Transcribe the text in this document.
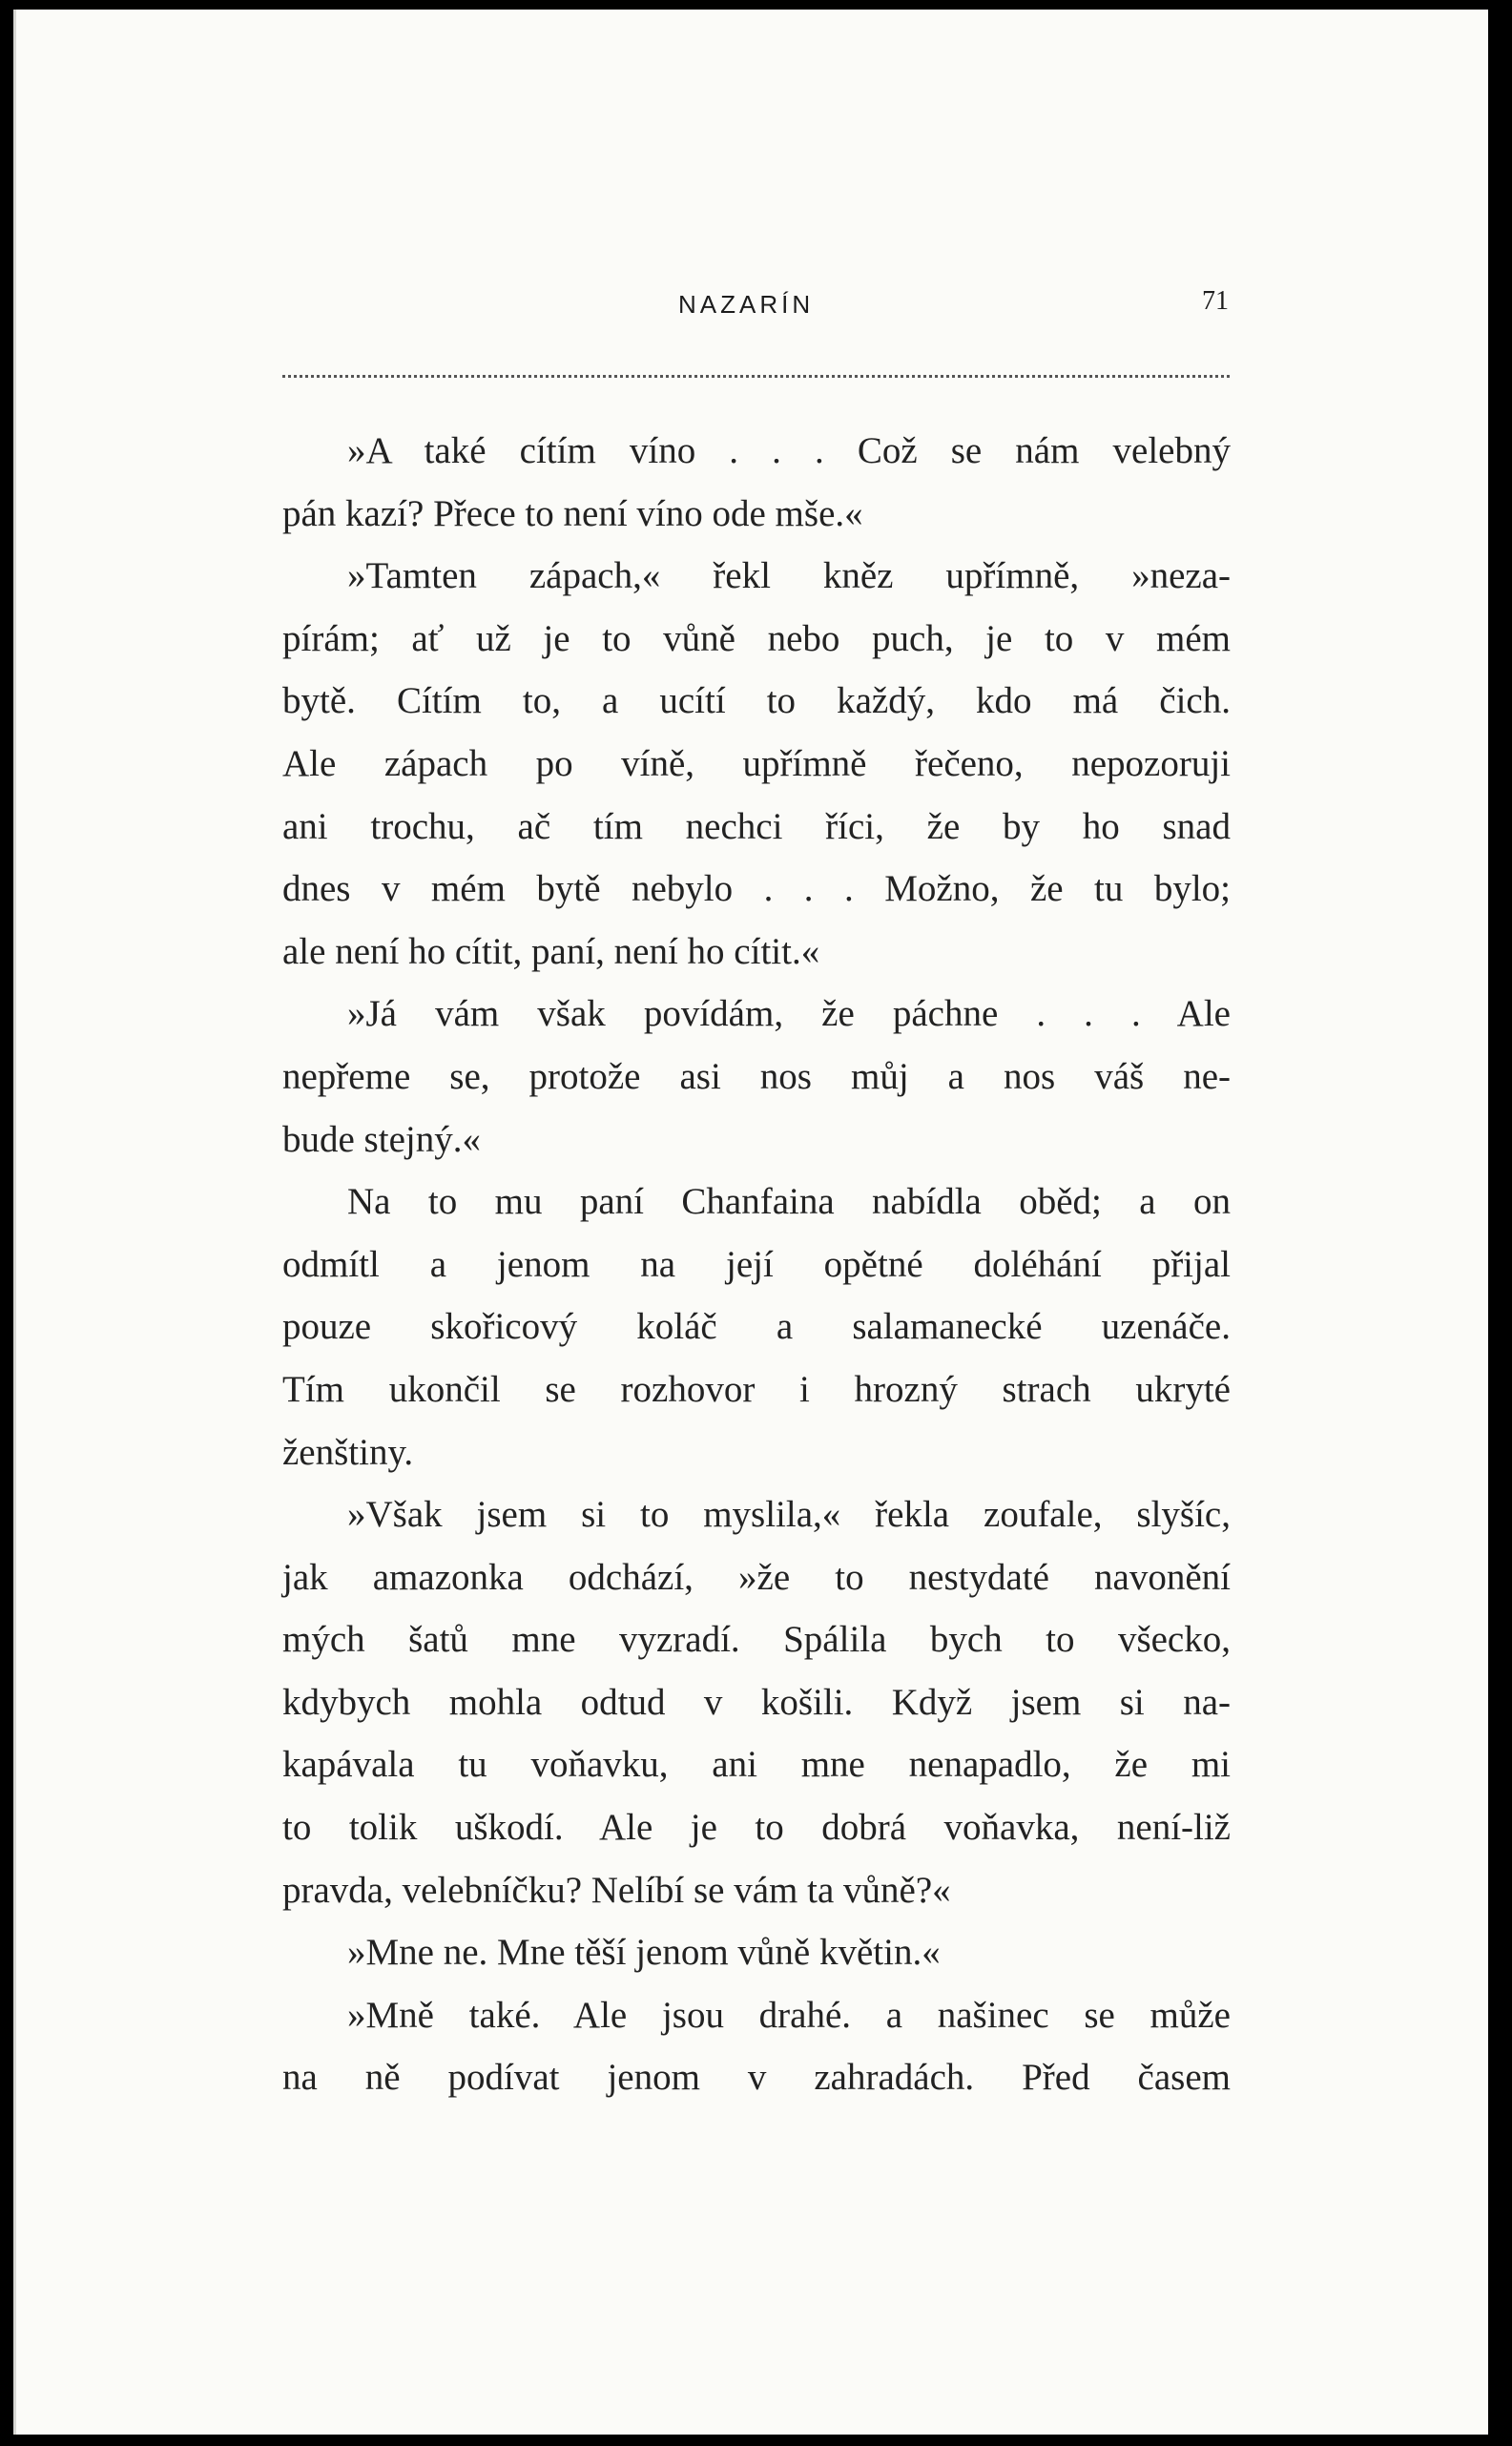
NAZARÍN	71
»A také cítím víno . . . Což se nám velebný
pán kazí? Přece to není víno ode mše.«
»Tamten zápach,« řekl kněz upřímně, »neza-
pírám; ať už je to vůně nebo puch, je to v mém
bytě. Cítím to, a ucítí to každý, kdo má čich.
Ale zápach po víně, upřímně řečeno, nepozoruji
ani trochu, ač tím nechci říci, že by ho snad
dnes v mém bytě nebylo . . . Možno, že tu bylo;
ale není ho cítit, paní, není ho cítit.«
»Já vám však povídám, že páchne . . . Ale
nepřeme se, protože asi nos můj a nos váš ne-
bude stejný.«
Na to mu paní Chanfaina nabídla oběd; a on
odmítl a jenom na její opětné doléhání přijal
pouze skořicový koláč a salamanecké uzenáče.
Tím ukončil se rozhovor i hrozný strach ukryté
ženštiny.
»Však jsem si to myslila,« řekla zoufale, slyšíc,
jak amazonka odchází, »že to nestydaté navonění
mých šatů mne vyzradí. Spálila bych to všecko,
kdybych mohla odtud v košili. Když jsem si na-
kapávala tu voňavku, ani mne nenapadlo, že mi
to tolik uškodí. Ale je to dobrá voňavka, není-liž
pravda, velebníčku? Nelíbí se vám ta vůně?«
»Mne ne. Mne těší jenom vůně květin.«
»Mně také. Ale jsou drahé. a našinec se může
na ně podívat jenom v zahradách. Před časem
